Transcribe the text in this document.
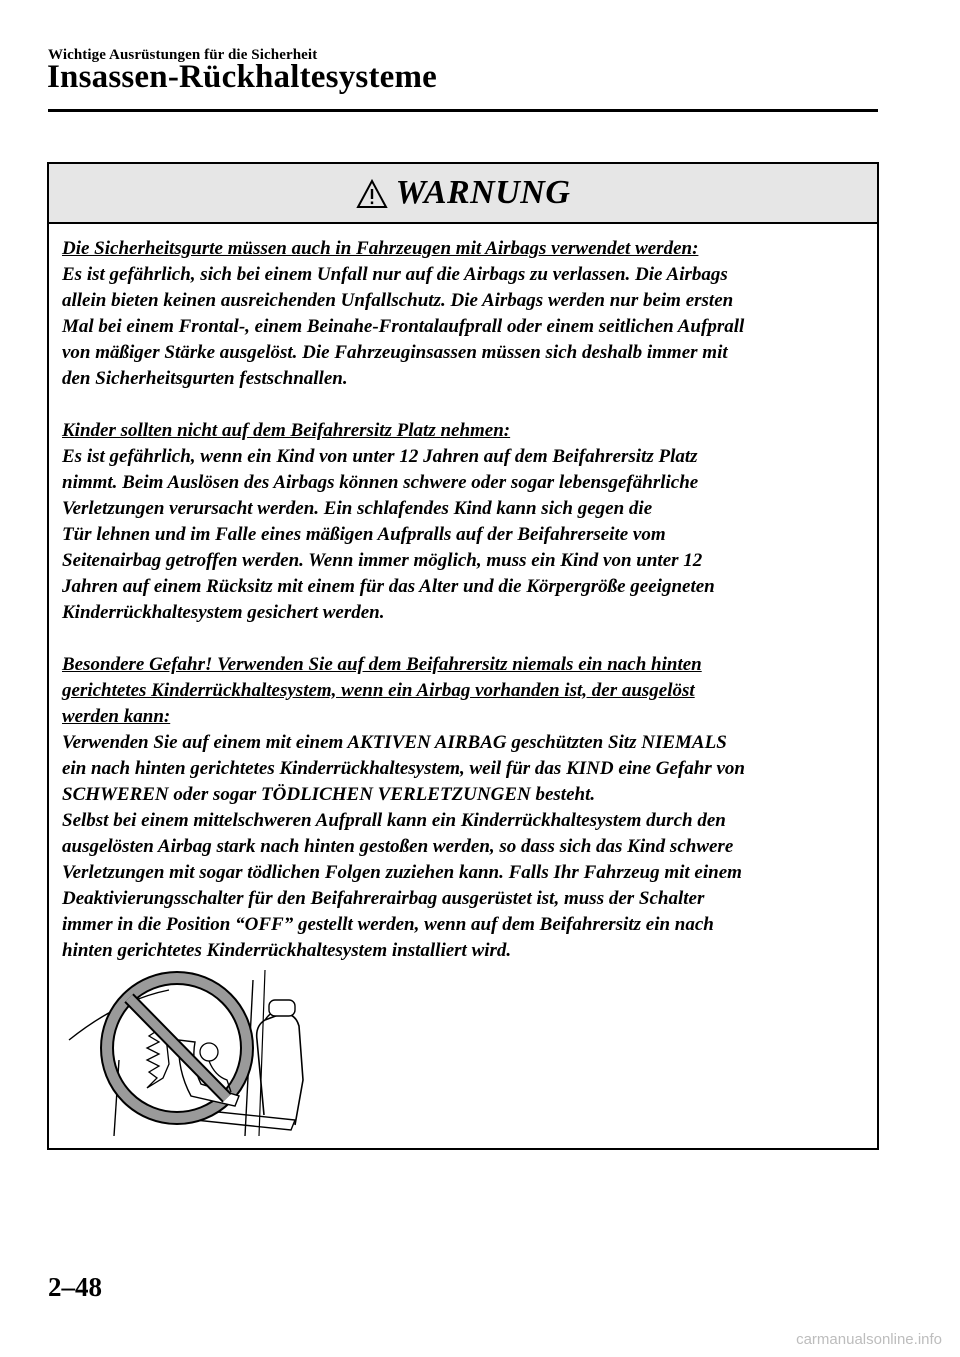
Wichtige Ausrüstungen für die Sicherheit
Insassen-Rückhaltesysteme
WARNUNG
Die Sicherheitsgurte müssen auch in Fahrzeugen mit Airbags verwendet werden:
Es ist gefährlich, sich bei einem Unfall nur auf die Airbags zu verlassen. Die Airbags
allein bieten keinen ausreichenden Unfallschutz. Die Airbags werden nur beim ersten
Mal bei einem Frontal-, einem Beinahe-Frontalaufprall oder einem seitlichen Aufprall
von mäßiger Stärke ausgelöst. Die Fahrzeuginsassen müssen sich deshalb immer mit
den Sicherheitsgurten festschnallen.
Kinder sollten nicht auf dem Beifahrersitz Platz nehmen:
Es ist gefährlich, wenn ein Kind von unter 12 Jahren auf dem Beifahrersitz Platz
nimmt. Beim Auslösen des Airbags können schwere oder sogar lebensgefährliche
Verletzungen verursacht werden. Ein schlafendes Kind kann sich gegen die
Tür lehnen und im Falle eines mäßigen Aufpralls auf der Beifahrerseite vom
Seitenairbag getroffen werden. Wenn immer möglich, muss ein Kind von unter 12
Jahren auf einem Rücksitz mit einem für das Alter und die Körpergröße geeigneten
Kinderrückhaltesystem gesichert werden.
Besondere Gefahr! Verwenden Sie auf dem Beifahrersitz niemals ein nach hinten
gerichtetes Kinderrückhaltesystem, wenn ein Airbag vorhanden ist, der ausgelöst
werden kann:
Verwenden Sie auf einem mit einem AKTIVEN AIRBAG geschützten Sitz NIEMALS
ein nach hinten gerichtetes Kinderrückhaltesystem, weil für das KIND eine Gefahr von
SCHWEREN oder sogar TÖDLICHEN VERLETZUNGEN besteht.
Selbst bei einem mittelschweren Aufprall kann ein Kinderrückhaltesystem durch den
ausgelösten Airbag stark nach hinten gestoßen werden, so dass sich das Kind schwere
Verletzungen mit sogar tödlichen Folgen zuziehen kann. Falls Ihr Fahrzeug mit einem
Deaktivierungsschalter für den Beifahrerairbag ausgerüstet ist, muss der Schalter
immer in die Position “OFF” gestellt werden, wenn auf dem Beifahrersitz ein nach
hinten gerichtetes Kinderrückhaltesystem installiert wird.
2–48
carmanualsonline.info
